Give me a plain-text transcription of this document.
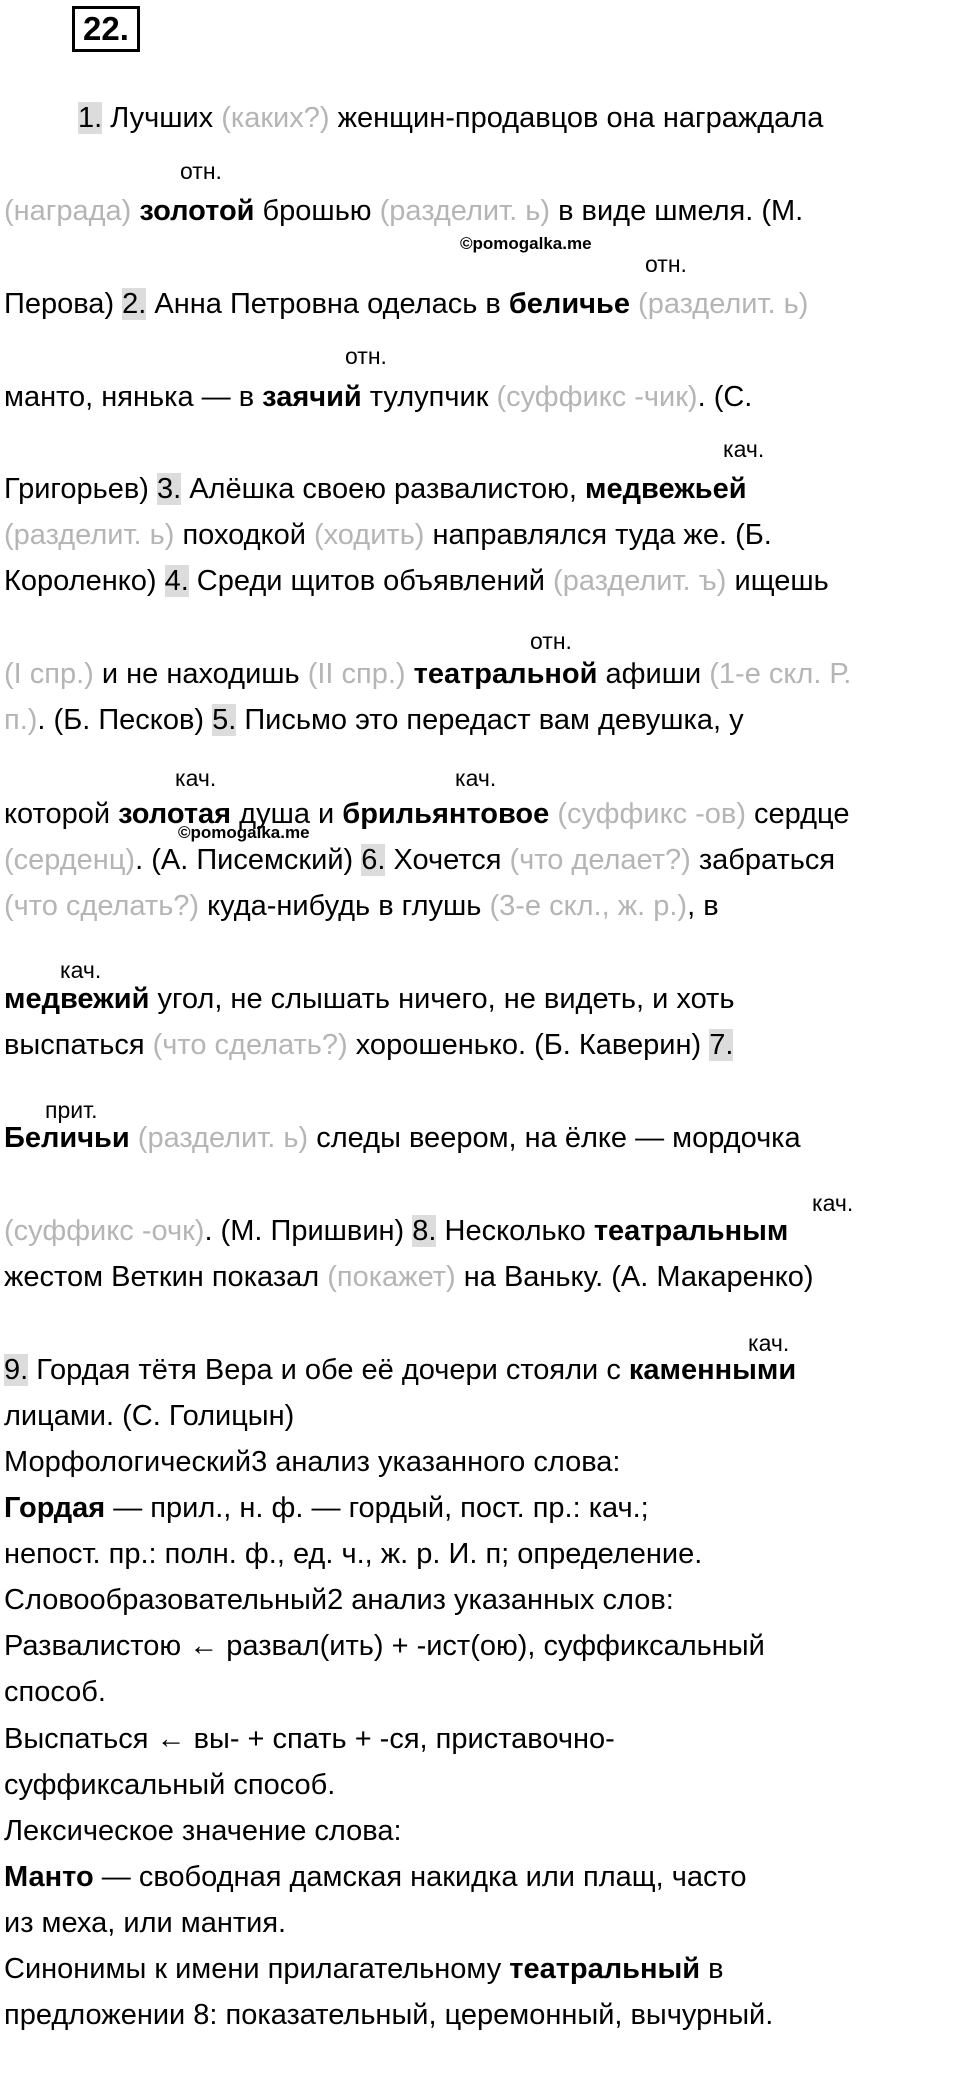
22.
1. Лучших (каких?) женщин-продавцов она награждала
(награда) золотой брошью (разделит. ь) в виде шмеля. (М.
Перова) 2. Анна Петровна оделась в беличье (разделит. ь)
манто, нянька — в заячий тулупчик (суффикс -чик). (С.
Григорьев) 3. Алёшка своею развалистою, медвежьей
(разделит. ь) походкой (ходить) направлялся туда же. (Б.
Короленко) 4. Среди щитов объявлений (разделит. ъ) ищешь
(I спр.) и не находишь (II спр.) театральной афиши (1-е скл. Р.
п.). (Б. Песков) 5. Письмо это передаст вам девушка, у
которой золотая душа и брильянтовое (суффикс -ов) сердце
(серденц). (А. Писемский) 6. Хочется (что делает?) забраться
(что сделать?) куда-нибудь в глушь (3-е скл., ж. р.), в
медвежий угол, не слышать ничего, не видеть, и хоть
выспаться (что сделать?) хорошенько. (Б. Каверин) 7.
Беличьи (разделит. ь) следы веером, на ёлке — мордочка
(суффикс -очк). (М. Пришвин) 8. Несколько театральным
жестом Веткин показал (покажет) на Ваньку. (А. Макаренко)
9. Гордая тётя Вера и обе её дочери стояли с каменными
лицами. (С. Голицын)
Морфологический3 анализ указанного слова:
Гордая — прил., н. ф. — гордый, пост. пр.: кач.;
непост. пр.: полн. ф., ед. ч., ж. р. И. п; определение.
Словообразовательный2 анализ указанных слов:
Развалистою ← развал(ить) + -ист(ою), суффиксальный
способ.
Выспаться ← вы- + спать + -ся, приставочно-
суффиксальный способ.
Лексическое значение слова:
Манто — свободная дамская накидка или плащ, часто
из меха, или мантия.
Синонимы к имени прилагательному театральный в
предложении 8: показательный, церемонный, вычурный.
отн.
отн.
отн.
кач.
отн.
кач.	кач.
кач.
прит.
кач.
кач.
©pomogalka.me
©pomogalka.me
